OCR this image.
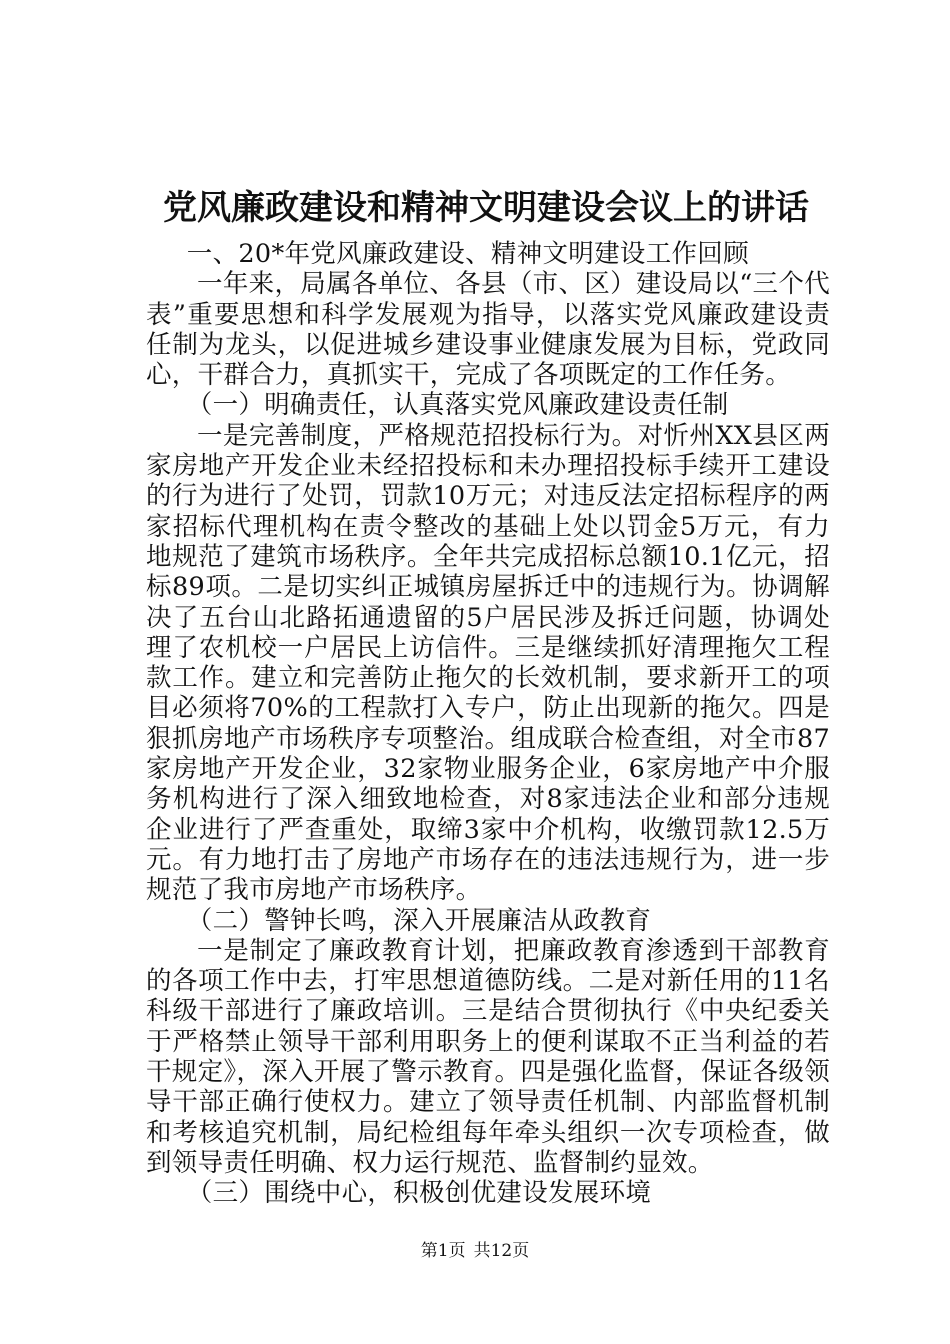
党风廉政建设和精神文明建设会议上的讲话

一、20*年党风廉政建设、精神文明建设工作回顾

一年来，局属各单位、各县（市、区）建设局以“三个代表”重要思想和科学发展观为指导，以落实党风廉政建设责任制为龙头，以促进城乡建设事业健康发展为目标，党政同心，干群合力，真抓实干，完成了各项既定的工作任务。

（一）明确责任，认真落实党风廉政建设责任制

一是完善制度，严格规范招投标行为。对忻州XX县区两家房地产开发企业未经招投标和未办理招投标手续开工建设的行为进行了处罚，罚款10万元；对违反法定招标程序的两家招标代理机构在责令整改的基础上处以罚金5万元，有力地规范了建筑市场秩序。全年共完成招标总额10.1亿元，招标89项。二是切实纠正城镇房屋拆迁中的违规行为。协调解决了五台山北路拓通遗留的5户居民涉及拆迁问题，协调处理了农机校一户居民上访信件。三是继续抓好清理拖欠工程款工作。建立和完善防止拖欠的长效机制，要求新开工的项目必须将70%的工程款打入专户，防止出现新的拖欠。四是狠抓房地产市场秩序专项整治。组成联合检查组，对全市87家房地产开发企业，32家物业服务企业，6家房地产中介服务机构进行了深入细致地检查，对8家违法企业和部分违规企业进行了严查重处，取缔3家中介机构，收缴罚款12.5万元。有力地打击了房地产市场存在的违法违规行为，进一步规范了我市房地产市场秩序。

（二）警钟长鸣，深入开展廉洁从政教育

一是制定了廉政教育计划，把廉政教育渗透到干部教育的各项工作中去，打牢思想道德防线。二是对新任用的11名科级干部进行了廉政培训。三是结合贯彻执行《中央纪委关于严格禁止领导干部利用职务上的便利谋取不正当利益的若干规定》，深入开展了警示教育。四是强化监督，保证各级领导干部正确行使权力。建立了领导责任机制、内部监督机制和考核追究机制，局纪检组每年牵头组织一次专项检查，做到领导责任明确、权力运行规范、监督制约显效。

（三）围绕中心，积极创优建设发展环境

第1页 共12页
